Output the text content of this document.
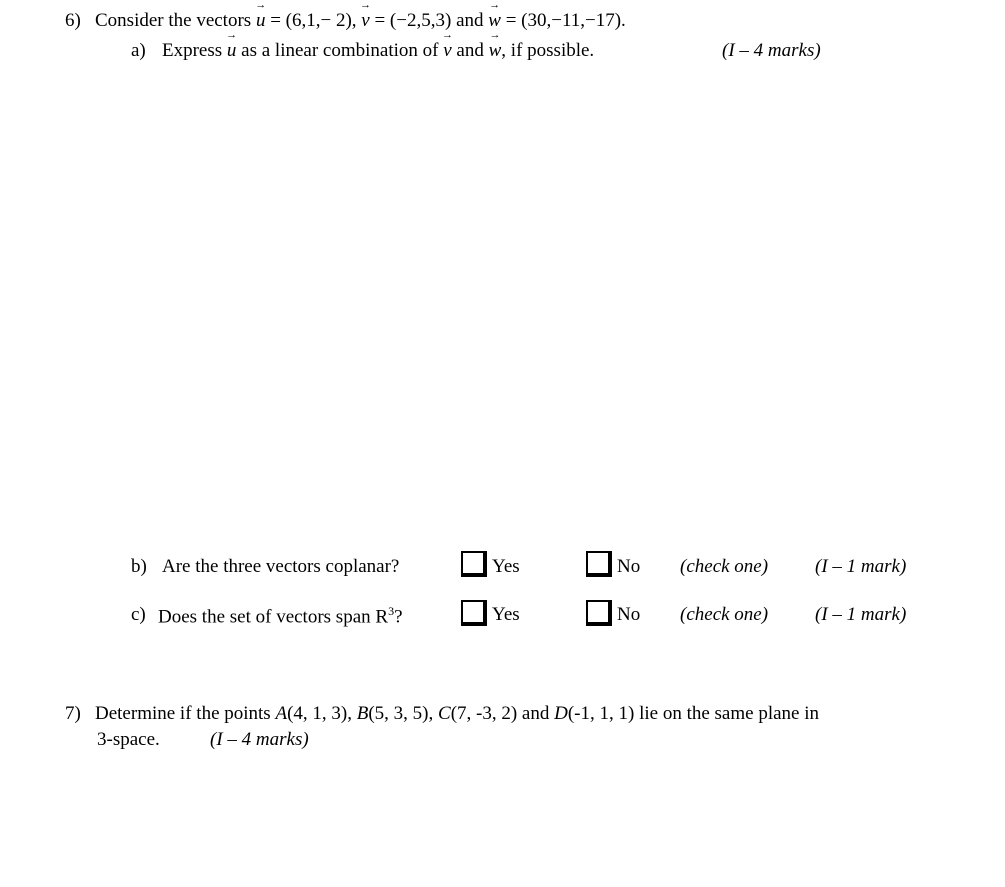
6) Consider the vectors → u = (6,1,− 2), → v = (−2,5,3) and → w = (30,−11,−17).
a) Express → u as a linear combination of → v and → w, if possible.	(I – 4 marks)
b) Are the three vectors coplanar?	Yes	No (check one) (I – 1 mark)
c) Does the set of vectors span $R^3$?	Yes	No (check one) (I – 1 mark)
7) Determine if the points A(4, 1, 3), B(5, 3, 5), C(7, -3, 2) and D(-1, 1, 1) lie on the same plane in
3-space.	(I – 4 marks)
